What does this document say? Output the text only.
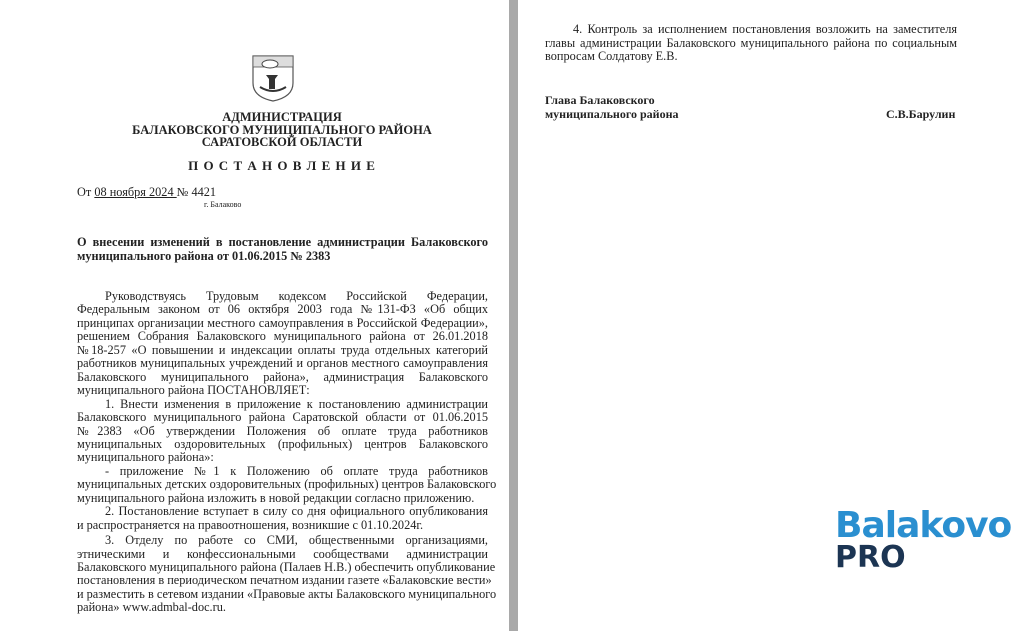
АДМИНИСТРАЦИЯ
БАЛАКОВСКОГО МУНИЦИПАЛЬНОГО РАЙОНА
САРАТОВСКОЙ ОБЛАСТИ
П О С Т А Н О В Л Е Н И Е
От 08 ноября 2024 № 4421
г. Балаково
О внесении изменений в постановление администрации Балаковского
муниципального района от 01.06.2015 № 2383
Руководствуясь Трудовым кодексом Российской Федерации,
Федеральным законом от 06 октября 2003 года №131-ФЗ «Об общих
принципах организации местного самоуправления в Российской Федерации»,
решением Собрания Балаковского муниципального района от 26.01.2018
№18-257 «О повышении и индексации оплаты труда отдельных категорий
работников муниципальных учреждений и органов местного самоуправления
Балаковского муниципального района», администрация Балаковского
муниципального района ПОСТАНОВЛЯЕТ:
1. Внести изменения в приложение к постановлению администрации
Балаковского муниципального района Саратовской области от 01.06.2015
№2383 «Об утверждении Положения об оплате труда работников
муниципальных оздоровительных (профильных) центров Балаковского
муниципального района»:
- приложение №1 к Положению об оплате труда работников
муниципальных детских оздоровительных (профильных) центров Балаковского
муниципального района изложить в новой редакции согласно приложению.
2. Постановление вступает в силу со дня официального опубликования
и распространяется на правоотношения, возникшие с 01.10.2024г.
3. Отделу по работе со СМИ, общественными организациями,
этническими и конфессиональными сообществами администрации
Балаковского муниципального района (Палаев Н.В.) обеспечить опубликование
постановления в периодическом печатном издании газете «Балаковские вести»
и разместить в сетевом издании «Правовые акты Балаковского муниципального
района» www.admbal-doc.ru.
4. Контроль за исполнением постановления возложить на заместителя
главы администрации Балаковского муниципального района по социальным
вопросам Солдатову Е.В.
Глава Балаковского
муниципального района	С.В.Барулин
Balakovo
PRO
